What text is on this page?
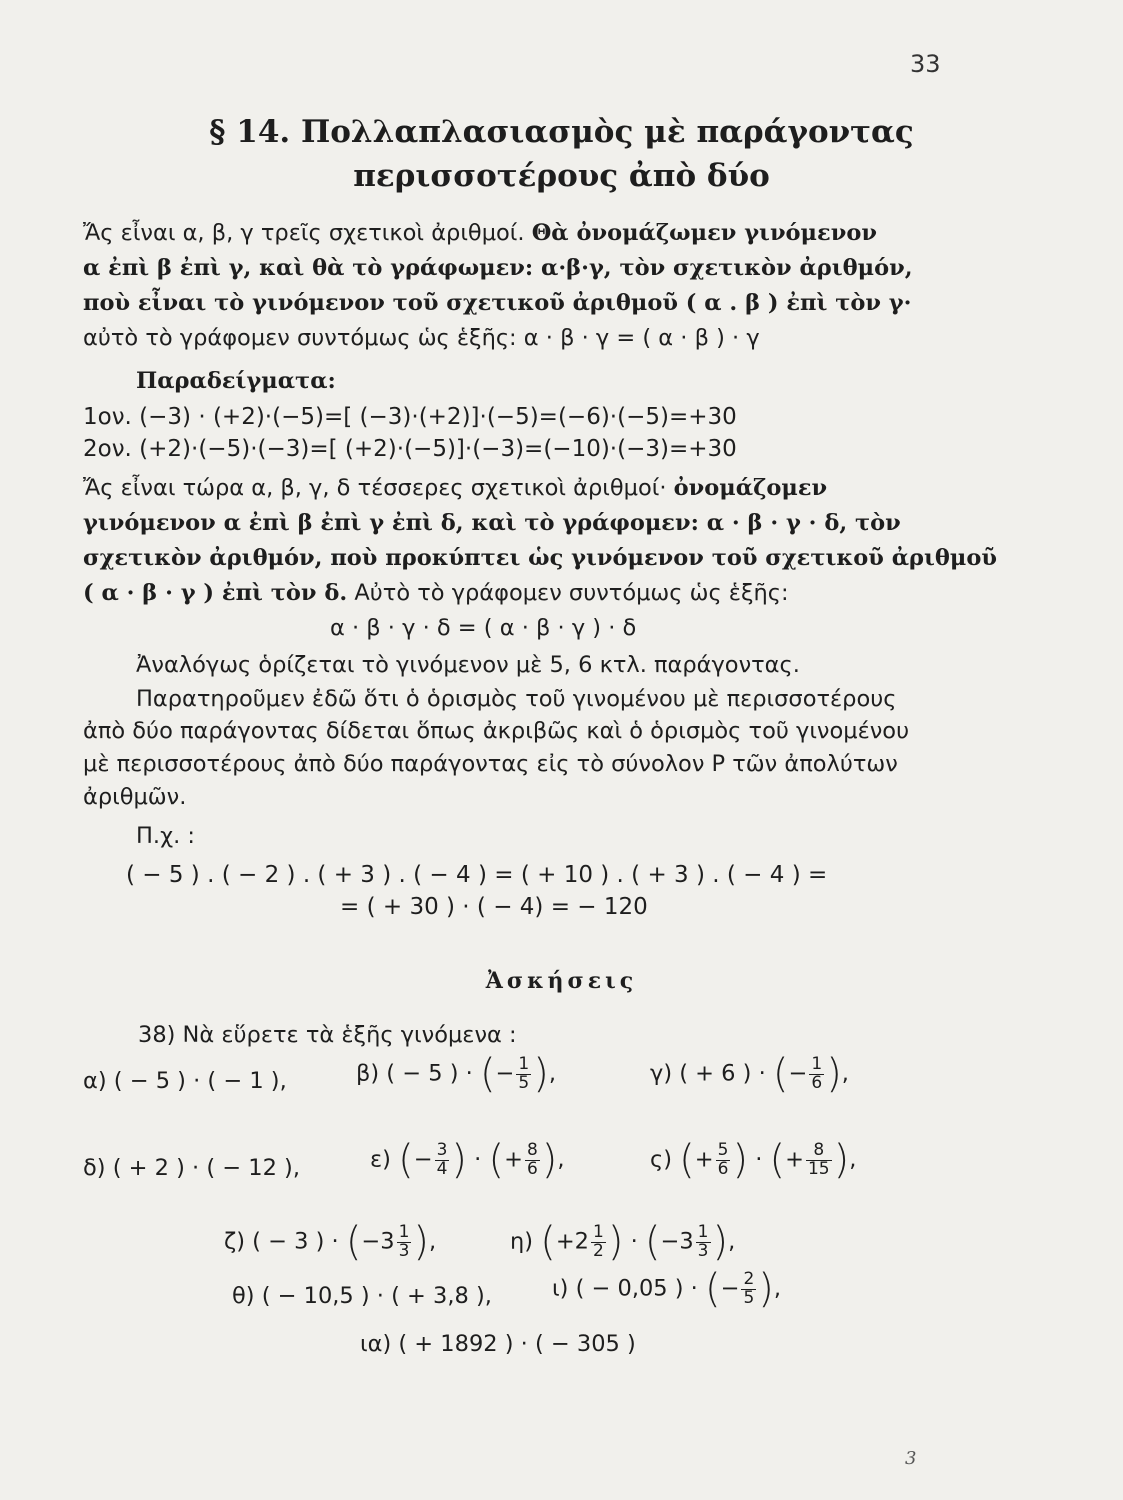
33
§ 14. Πολλαπλασιασμὸς μὲ παράγοντας
περισσοτέρους ἀπὸ δύο
Ἄς εἶναι α, β, γ τρεῖς σχετικοὶ ἀριθμοί. Θὰ ὀνομάζωμεν γινόμενον
α ἐπὶ β ἐπὶ γ, καὶ θὰ τὸ γράφωμεν: α·β·γ, τὸν σχετικὸν ἀριθμόν,
ποὺ εἶναι τὸ γινόμενον τοῦ σχετικοῦ ἀριθμοῦ ( α . β ) ἐπὶ τὸν γ·
αὐτὸ τὸ γράφομεν συντόμως ὡς ἑξῆς: α · β · γ = ( α · β ) · γ
Παραδείγματα:
1ον. (−3) · (+2)·(−5)=[ (−3)·(+2)]·(−5)=(−6)·(−5)=+30
2ον. (+2)·(−5)·(−3)=[ (+2)·(−5)]·(−3)=(−10)·(−3)=+30
Ἄς εἶναι τώρα α, β, γ, δ τέσσερες σχετικοὶ ἀριθμοί· ὀνομάζομεν
γινόμενον α ἐπὶ β ἐπὶ γ ἐπὶ δ, καὶ τὸ γράφομεν: α · β · γ · δ, τὸν
σχετικὸν ἀριθμόν, ποὺ προκύπτει ὡς γινόμενον τοῦ σχετικοῦ ἀριθμοῦ
( α · β · γ ) ἐπὶ τὸν δ. Αὐτὸ τὸ γράφομεν συντόμως ὡς ἑξῆς:
α · β · γ · δ = ( α · β · γ ) · δ
Ἀναλόγως ὁρίζεται τὸ γινόμενον μὲ 5, 6 κτλ. παράγοντας.
Παρατηροῦμεν ἐδῶ ὅτι ὁ ὁρισμὸς τοῦ γινομένου μὲ περισσοτέρους
ἀπὸ δύο παράγοντας δίδεται ὅπως ἀκριβῶς καὶ ὁ ὁρισμὸς τοῦ γινομένου
μὲ περισσοτέρους ἀπὸ δύο παράγοντας εἰς τὸ σύνολον P τῶν ἀπολύτων
ἀριθμῶν.
Π.χ. :
( − 5 ) . ( − 2 ) . ( + 3 ) . ( − 4 ) = ( + 10 ) . ( + 3 ) . ( − 4 ) =
= ( + 30 ) · ( − 4) = − 120
Ἀσκήσεις
38) Νὰ εὕρετε τὰ ἑξῆς γινόμενα :
α) ( − 5 ) · ( − 1 ),	β) ( − 5 ) · (− $\frac{1}{5}$ ),	γ) ( + 6 ) · (− $\frac{1}{6}$ ),
δ) ( + 2 ) · ( − 12 ),	ε) (− $\frac{3}{4}$ ) · (+ $\frac{8}{6}$ ),	ς) (+ $\frac{5}{6}$ ) · (+ $\frac{8}{15}$ ),
ζ) ( − 3 ) · ($-3 \frac{1}{3}$ ),	η) ($+2 \frac{1}{2}$ ) · ($-3 \frac{1}{3}$ ),
θ) ( − 10,5 ) · ( + 3,8 ),	ι) ( − 0,05 ) · (− $\frac{2}{5}$ ),
ια) ( + 1892 ) · ( − 305 )
3
